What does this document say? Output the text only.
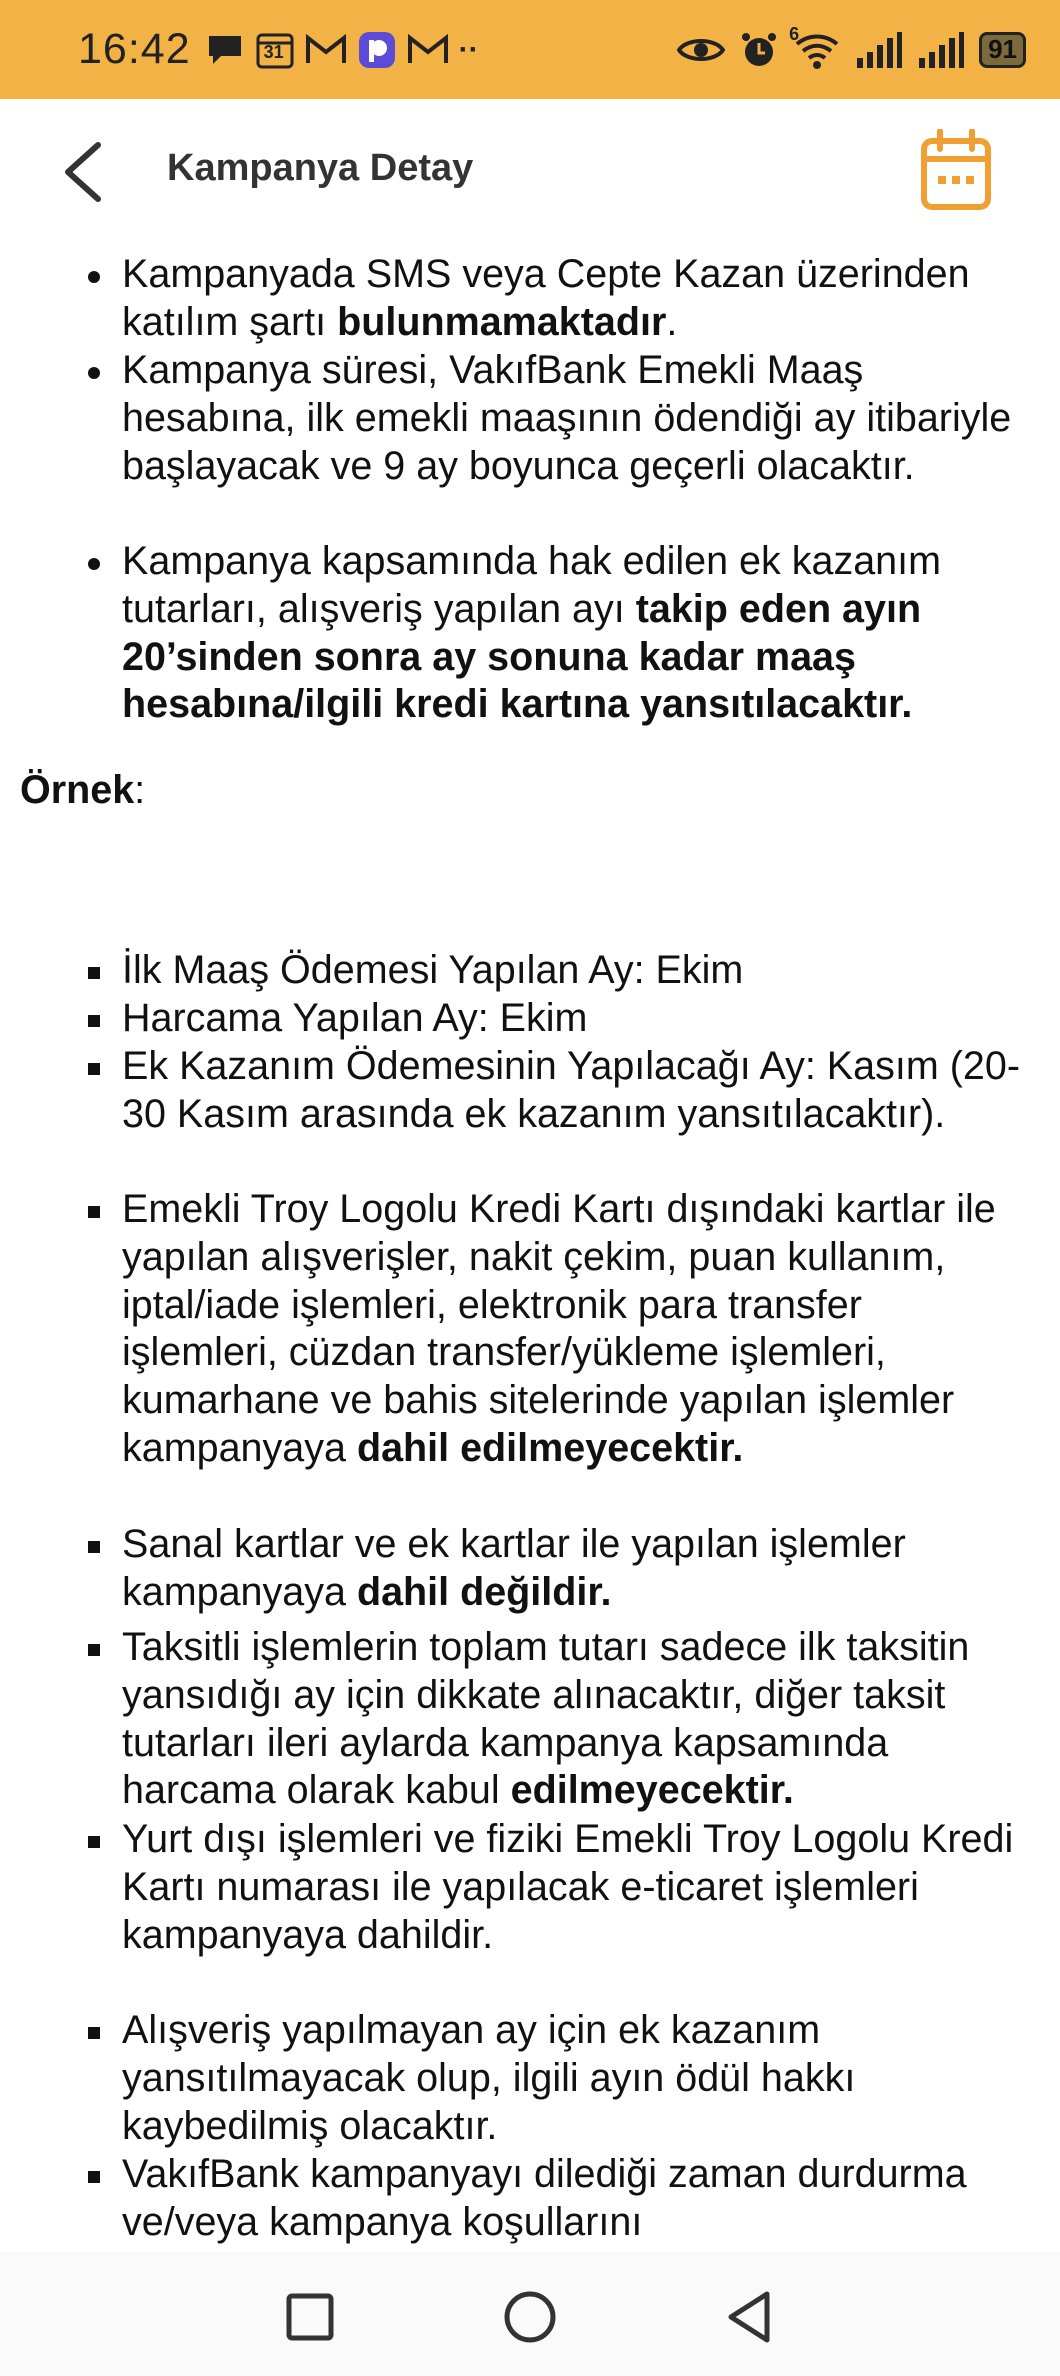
16:42	31	··	6
91
Kampanya Detay
Kampanyada SMS veya Cepte Kazan üzerinden katılım şartı bulunmamaktadır.
Kampanya süresi, VakıfBank Emekli Maaş hesabına, ilk emekli maaşının ödendiği ay itibariyle başlayacak ve 9 ay boyunca geçerli olacaktır.
Kampanya kapsamında hak edilen ek kazanım tutarları, alışveriş yapılan ayı takip eden ayın 20’sinden sonra ay sonuna kadar maaş hesabına/ilgili kredi kartına yansıtılacaktır.
Örnek:
İlk Maaş Ödemesi Yapılan Ay: Ekim
Harcama Yapılan Ay: Ekim
Ek Kazanım Ödemesinin Yapılacağı Ay: Kasım (20-30 Kasım arasında ek kazanım yansıtılacaktır).
Emekli Troy Logolu Kredi Kartı dışındaki kartlar ile yapılan alışverişler, nakit çekim, puan kullanım, iptal/iade işlemleri, elektronik para transfer işlemleri, cüzdan transfer/yükleme işlemleri, kumarhane ve bahis sitelerinde yapılan işlemler kampanyaya dahil edilmeyecektir.
Sanal kartlar ve ek kartlar ile yapılan işlemler kampanyaya dahil değildir.
Taksitli işlemlerin toplam tutarı sadece ilk taksitin yansıdığı ay için dikkate alınacaktır, diğer taksit tutarları ileri aylarda kampanya kapsamında harcama olarak kabul edilmeyecektir.
Yurt dışı işlemleri ve fiziki Emekli Troy Logolu Kredi Kartı numarası ile yapılacak e-ticaret işlemleri kampanyaya dahildir.
Alışveriş yapılmayan ay için ek kazanım yansıtılmayacak olup, ilgili ayın ödül hakkı kaybedilmiş olacaktır.
VakıfBank kampanyayı dilediği zaman durdurma ve/veya kampanya koşullarını
